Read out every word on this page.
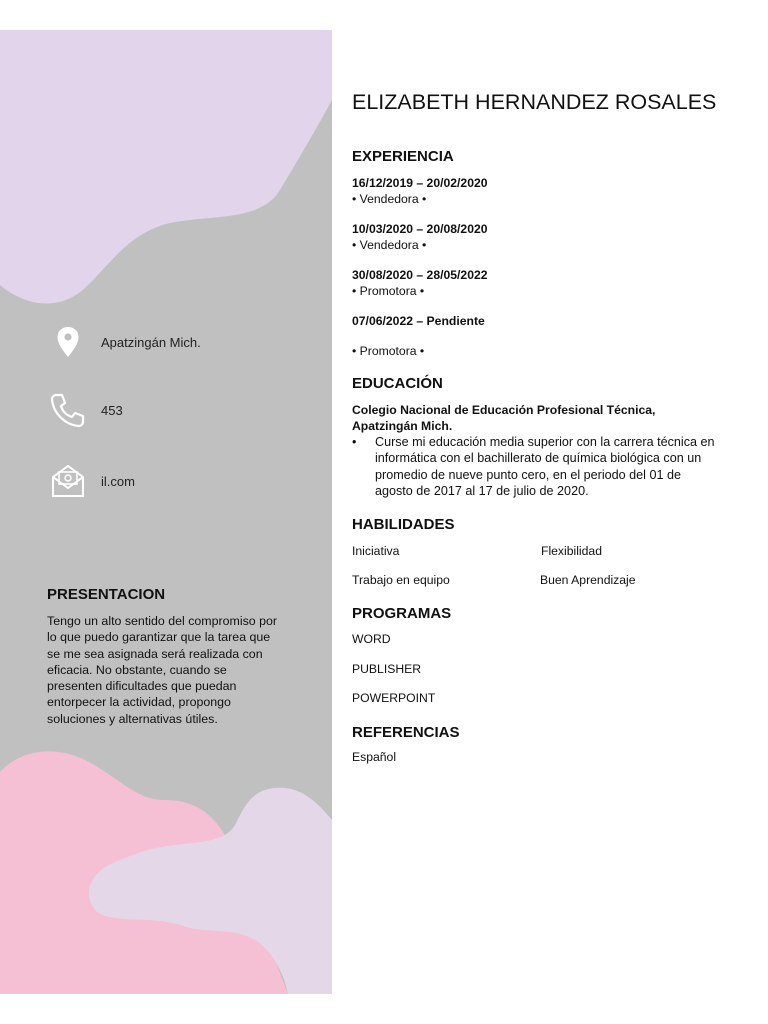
Apatzingán Mich.
453
il.com
PRESENTACION
Tengo un alto sentido del compromiso por lo que puedo garantizar que la tarea que se me sea asignada será realizada con eficacia. No obstante, cuando se presenten dificultades que puedan entorpecer la actividad, propongo soluciones y alternativas útiles.
ELIZABETH HERNANDEZ ROSALES
EXPERIENCIA
16/12/2019 – 20/02/2020
• Vendedora •
10/03/2020 – 20/08/2020
• Vendedora •
30/08/2020 – 28/05/2022
• Promotora •
07/06/2022 – Pendiente
• Promotora •
EDUCACIÓN
Colegio Nacional de Educación Profesional Técnica,
Apatzingán Mich.
• Curse mi educación media superior con la carrera técnica en informática con el bachillerato de química biológica con un promedio de nueve punto cero, en el periodo del 01 de agosto de 2017 al 17 de julio de 2020.
HABILIDADES
Iniciativa	Flexibilidad
Trabajo en equipo	Buen Aprendizaje
PROGRAMAS
WORD
PUBLISHER
POWERPOINT
REFERENCIAS
Español
